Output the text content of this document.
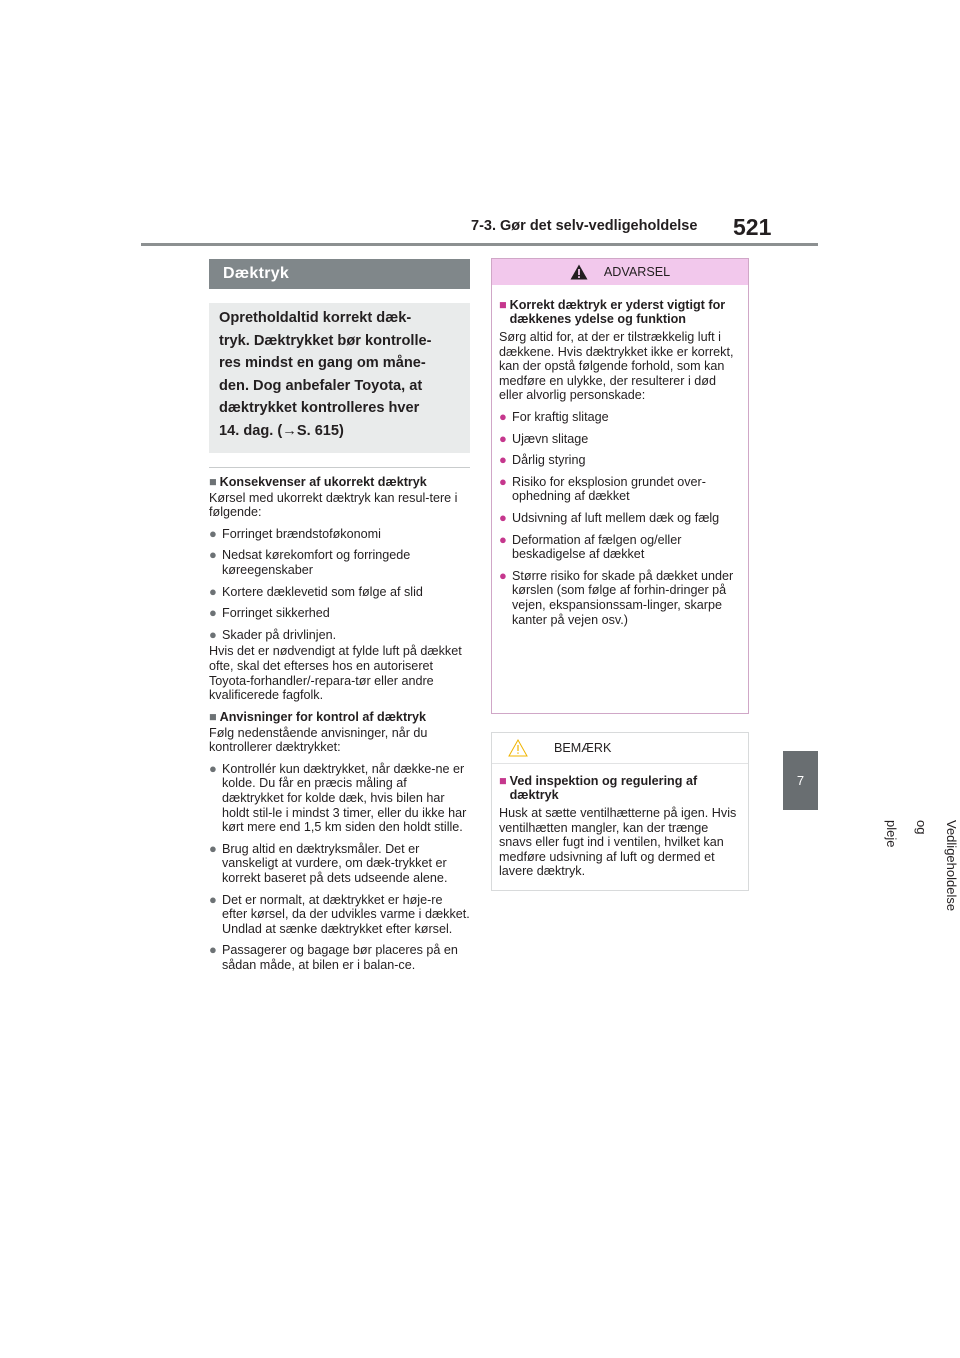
7-3. Gør det selv-vedligeholdelse 521
7
Vedligeholdelse og pleje
Dæktryk
Opretholdaltid korrekt dæk-
tryk. Dæktrykket bør kontrolle-
res mindst en gang om måne-
den. Dog anbefaler Toyota, at
dæktrykket kontrolleres hver
14. dag. (→S. 615)
■ Konsekvenser af ukorrekt dæktryk
Kørsel med ukorrekt dæktryk kan resul-tere i følgende:
● Forringet brændstoføkonomi
● Nedsat kørekomfort og forringede køreegenskaber
● Kortere dæklevetid som følge af slid
● Forringet sikkerhed
● Skader på drivlinjen.
Hvis det er nødvendigt at fylde luft på dækket ofte, skal det efterses hos en autoriseret Toyota-forhandler/-repara-tør eller andre kvalificerede fagfolk.
■ Anvisninger for kontrol af dæktryk
Følg nedenstående anvisninger, når du kontrollerer dæktrykket:
● Kontrollér kun dæktrykket, når dække-ne er kolde. Du får en præcis måling af dæktrykket for kolde dæk, hvis bilen har holdt stil-le i mindst 3 timer, eller du ikke har kørt mere end 1,5 km siden den holdt stille.
● Brug altid en dæktryksmåler. Det er vanskeligt at vurdere, om dæk-trykket er korrekt baseret på dets udseende alene.
● Det er normalt, at dæktrykket er høje-re efter kørsel, da der udvikles varme i dækket. Undlad at sænke dæktrykket efter kørsel.
● Passagerer og bagage bør placeres på en sådan måde, at bilen er i balan-ce.
ADVARSEL
■ Korrekt dæktryk er yderst vigtigt for dækkenes ydelse og funktion
Sørg altid for, at der er tilstrækkelig luft i dækkene. Hvis dæktrykket ikke er korrekt, kan der opstå følgende forhold, som kan medføre en ulykke, der resulterer i død eller alvorlig personskade:
● For kraftig slitage
● Ujævn slitage
● Dårlig styring
● Risiko for eksplosion grundet over-ophedning af dækket
● Udsivning af luft mellem dæk og fælg
● Deformation af fælgen og/eller beskadigelse af dækket
● Større risiko for skade på dækket under kørslen (som følge af forhin-dringer på vejen, ekspansionssam-linger, skarpe kanter på vejen osv.)
BEMÆRK
■ Ved inspektion og regulering af dæktryk
Husk at sætte ventilhætterne på igen. Hvis ventilhætten mangler, kan der trænge snavs eller fugt ind i ventilen, hvilket kan medføre udsivning af luft og dermed et lavere dæktryk.
